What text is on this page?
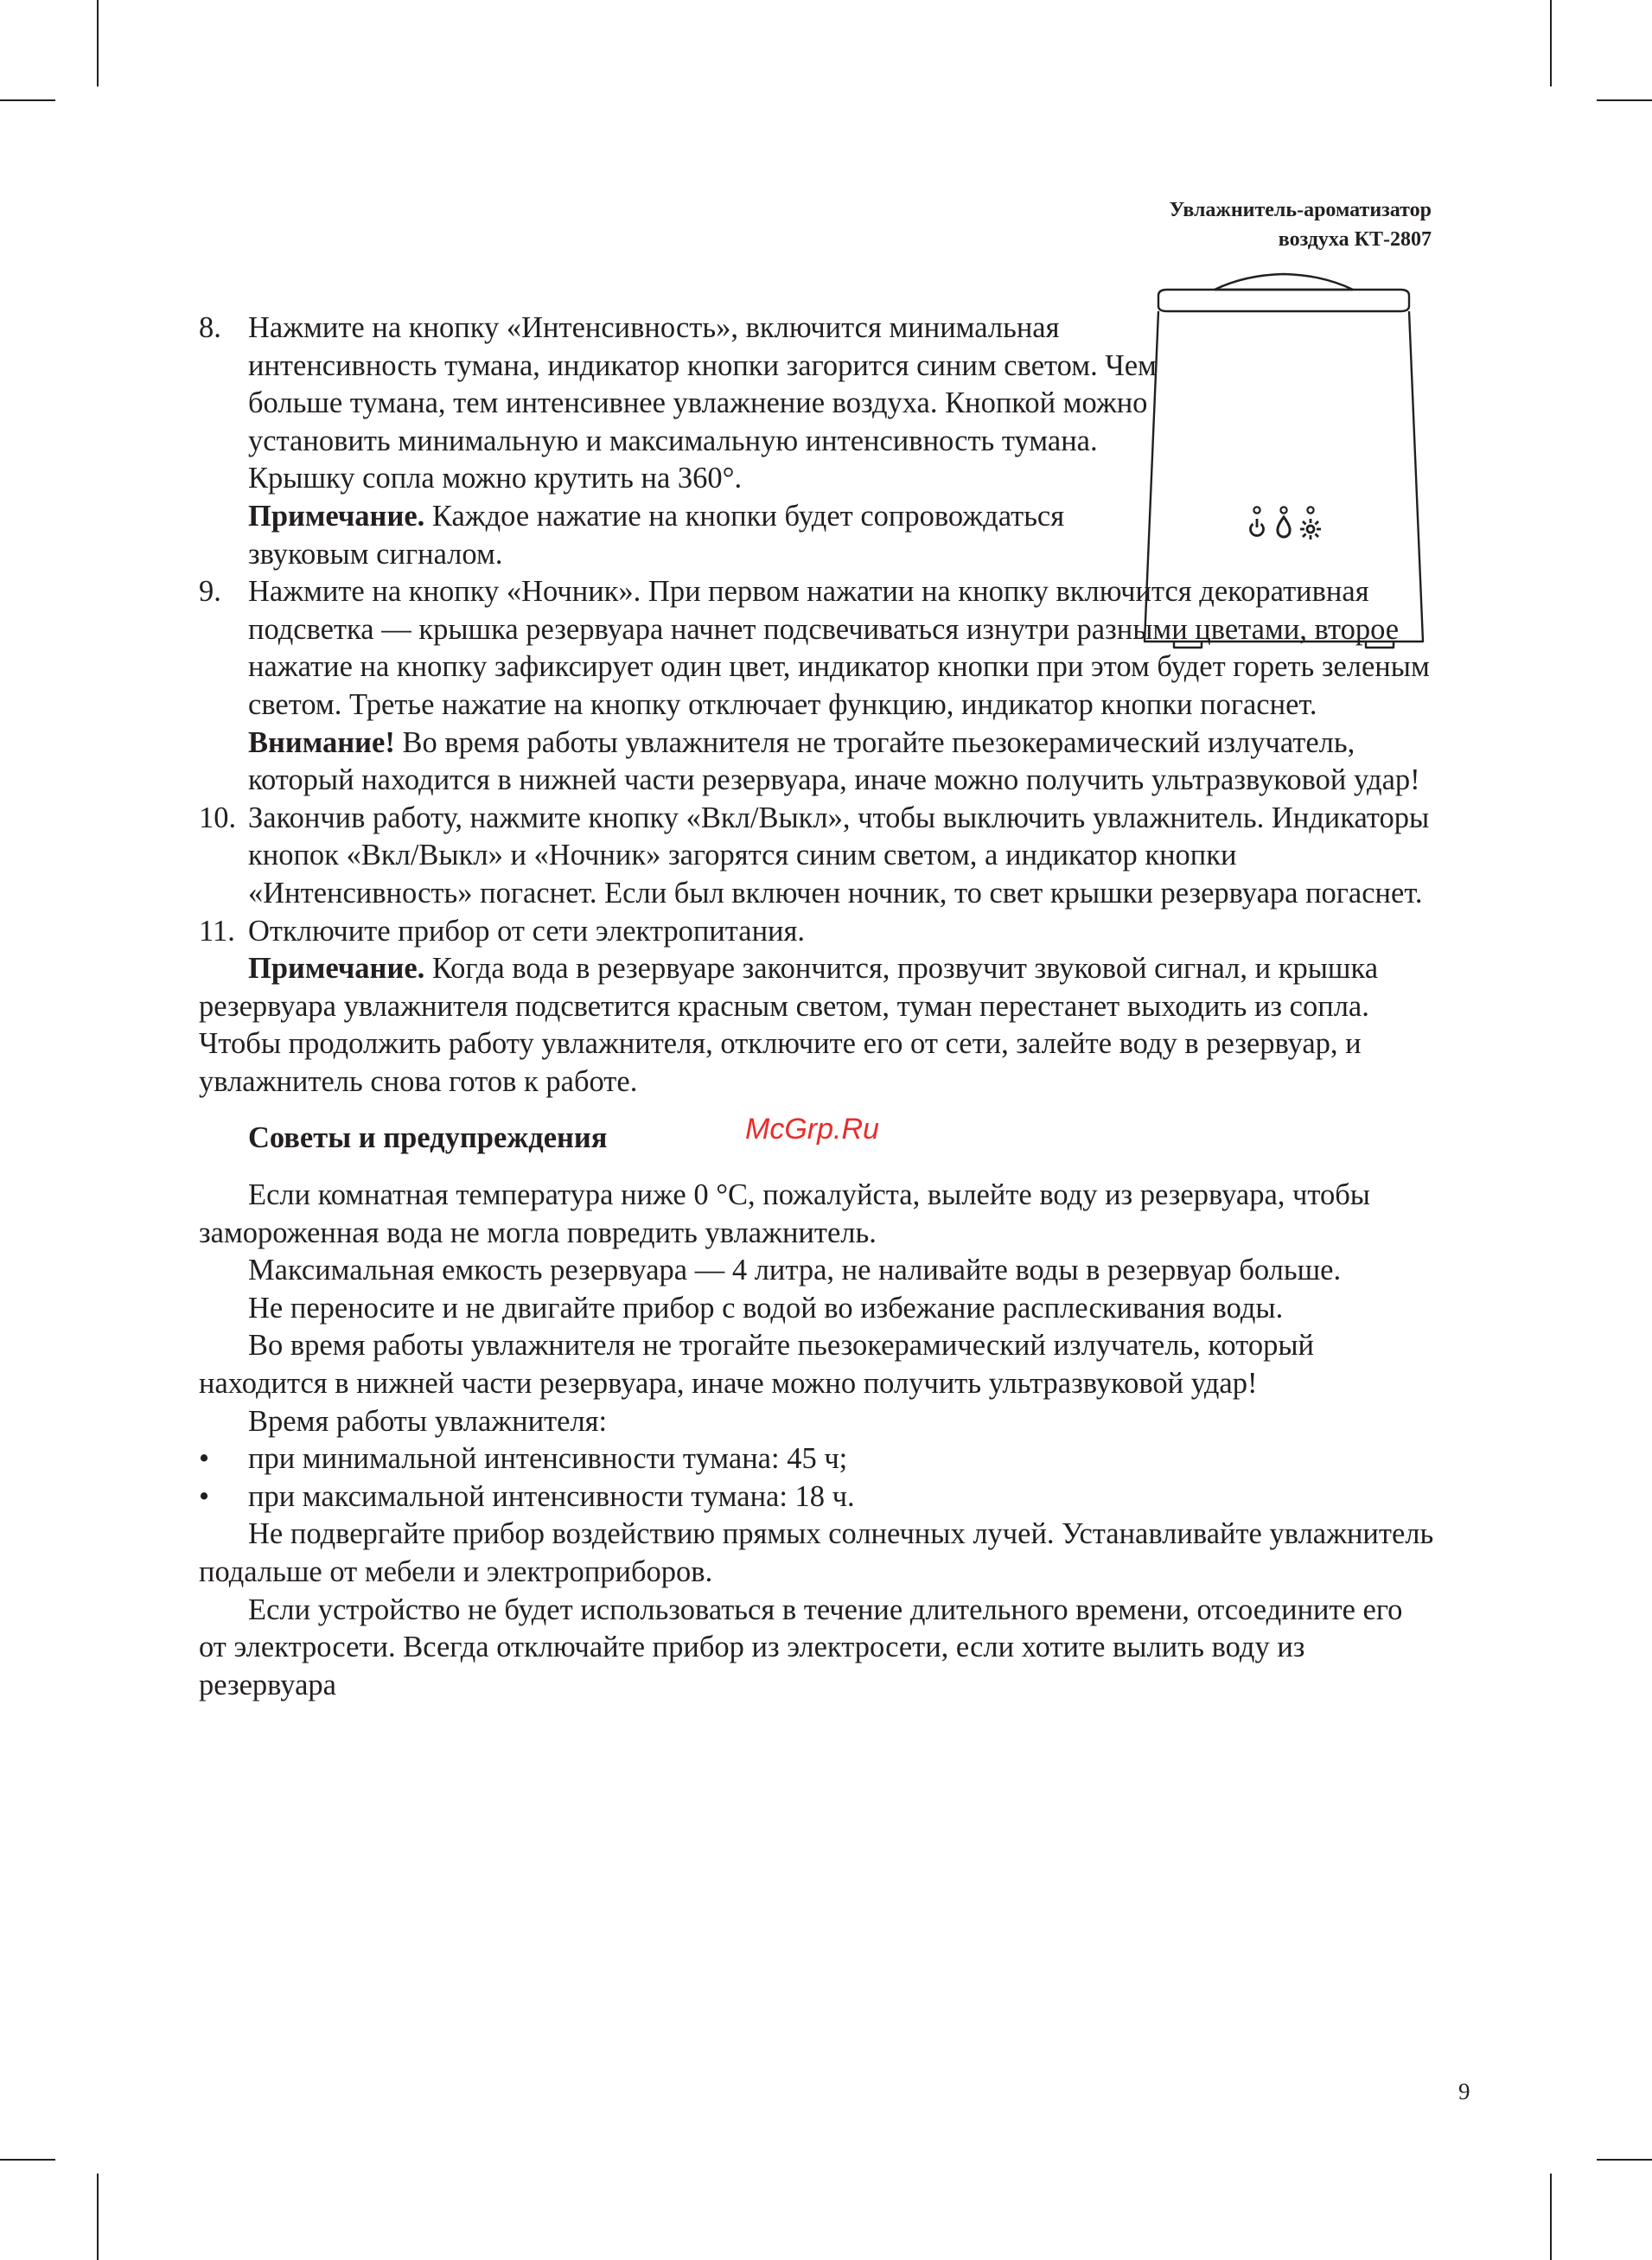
Увлажнитель-ароматизатор
воздуха КТ-2807
8. Нажмите на кнопку «Интенсивность», включится минимальная интенсивность тумана, индикатор кнопки загорится синим светом. Чем больше тумана, тем интенсивнее увлажнение воздуха. Кнопкой можно установить минимальную и максимальную интенсивность тумана. Крышку сопла можно крутить на 360°.
Примечание. Каждое нажатие на кнопки будет сопровождаться звуковым сигналом.
9. Нажмите на кнопку «Ночник». При первом нажатии на кнопку включится декоративная подсветка — крышка резервуара начнет подсвечиваться изнутри разными цветами, второе нажатие на кнопку зафиксирует один цвет, индикатор кнопки при этом будет гореть зеленым светом. Третье нажатие на кнопку отключает функцию, индикатор кнопки погаснет.
Внимание! Во время работы увлажнителя не трогайте пьезокерамический излучатель, который находится в нижней части резервуара, иначе можно получить ультразвуковой удар!
10. Закончив работу, нажмите кнопку «Вкл/Выкл», чтобы выключить увлажнитель. Индикаторы кнопок «Вкл/Выкл» и «Ночник» загорятся синим светом, а индикатор кнопки «Интенсивность» погаснет. Если был включен ночник, то свет крышки резервуара погаснет.
11. Отключите прибор от сети электропитания.

Примечание. Когда вода в резервуаре закончится, прозвучит звуковой сигнал, и крышка резервуара увлажнителя подсветится красным светом, туман перестанет выходить из сопла. Чтобы продолжить работу увлажнителя, отключите его от сети, залейте воду в резервуар, и увлажнитель снова готов к работе.

Советы и предупреждения

Если комнатная температура ниже 0 °C, пожалуйста, вылейте воду из резервуара, чтобы замороженная вода не могла повредить увлажнитель.

Максимальная емкость резервуара — 4 литра, не наливайте воды в резервуар больше.

Не переносите и не двигайте прибор с водой во избежание расплескивания воды.

Во время работы увлажнителя не трогайте пьезокерамический излучатель, который находится в нижней части резервуара, иначе можно получить ультразвуковой удар!

Время работы увлажнителя:

• при минимальной интенсивности тумана: 45 ч;
• при максимальной интенсивности тумана: 18 ч.

Не подвергайте прибор воздействию прямых солнечных лучей. Устанавливайте увлажнитель подальше от мебели и электроприборов.

Если устройство не будет использоваться в течение длительного времени, отсоедините его от электросети. Всегда отключайте прибор из электросети, если хотите вылить воду из резервуара

McGrp.Ru
9
